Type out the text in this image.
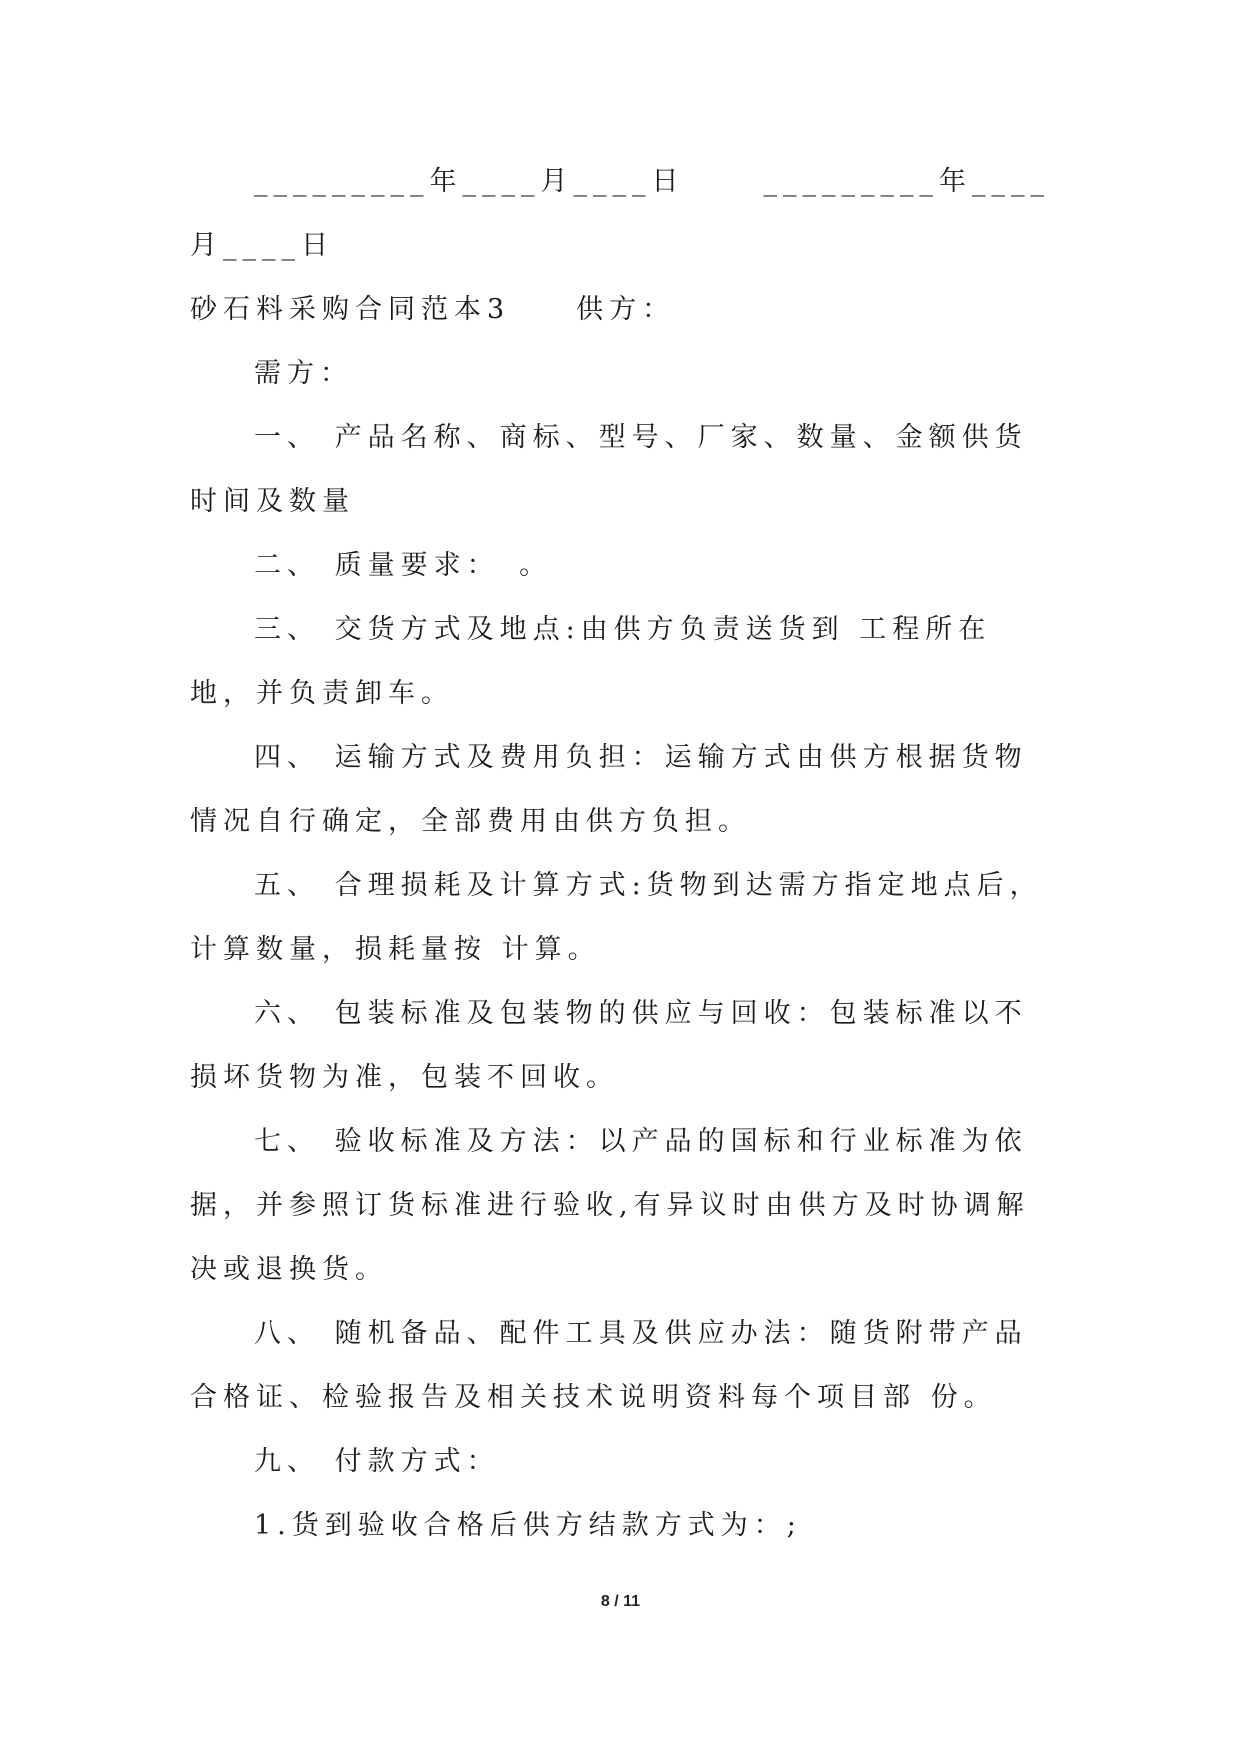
_________年____月____日	_________年____

月____日

砂石料采购合同范本3　　供方：

需方：

一、 产品名称、商标、型号、厂家、数量、金额供货时间及数量

二、 质量要求：　。

三、 交货方式及地点:由供方负责送货到 工程所在地，并负责卸车。

四、 运输方式及费用负担：运输方式由供方根据货物情况自行确定，全部费用由供方负担。

五、 合理损耗及计算方式:货物到达需方指定地点后， 计算数量，损耗量按 计算。

六、 包装标准及包装物的供应与回收：包装标准以不损坏货物为准，包装不回收。

七、 验收标准及方法：以产品的国标和行业标准为依据，并参照订货标准进行验收,有异议时由供方及时协调解决或退换货。

八、 随机备品、配件工具及供应办法：随货附带产品合格证、检验报告及相关技术说明资料每个项目部 份。

九、 付款方式：

1.货到验收合格后供方结款方式为：;

8 / 11
